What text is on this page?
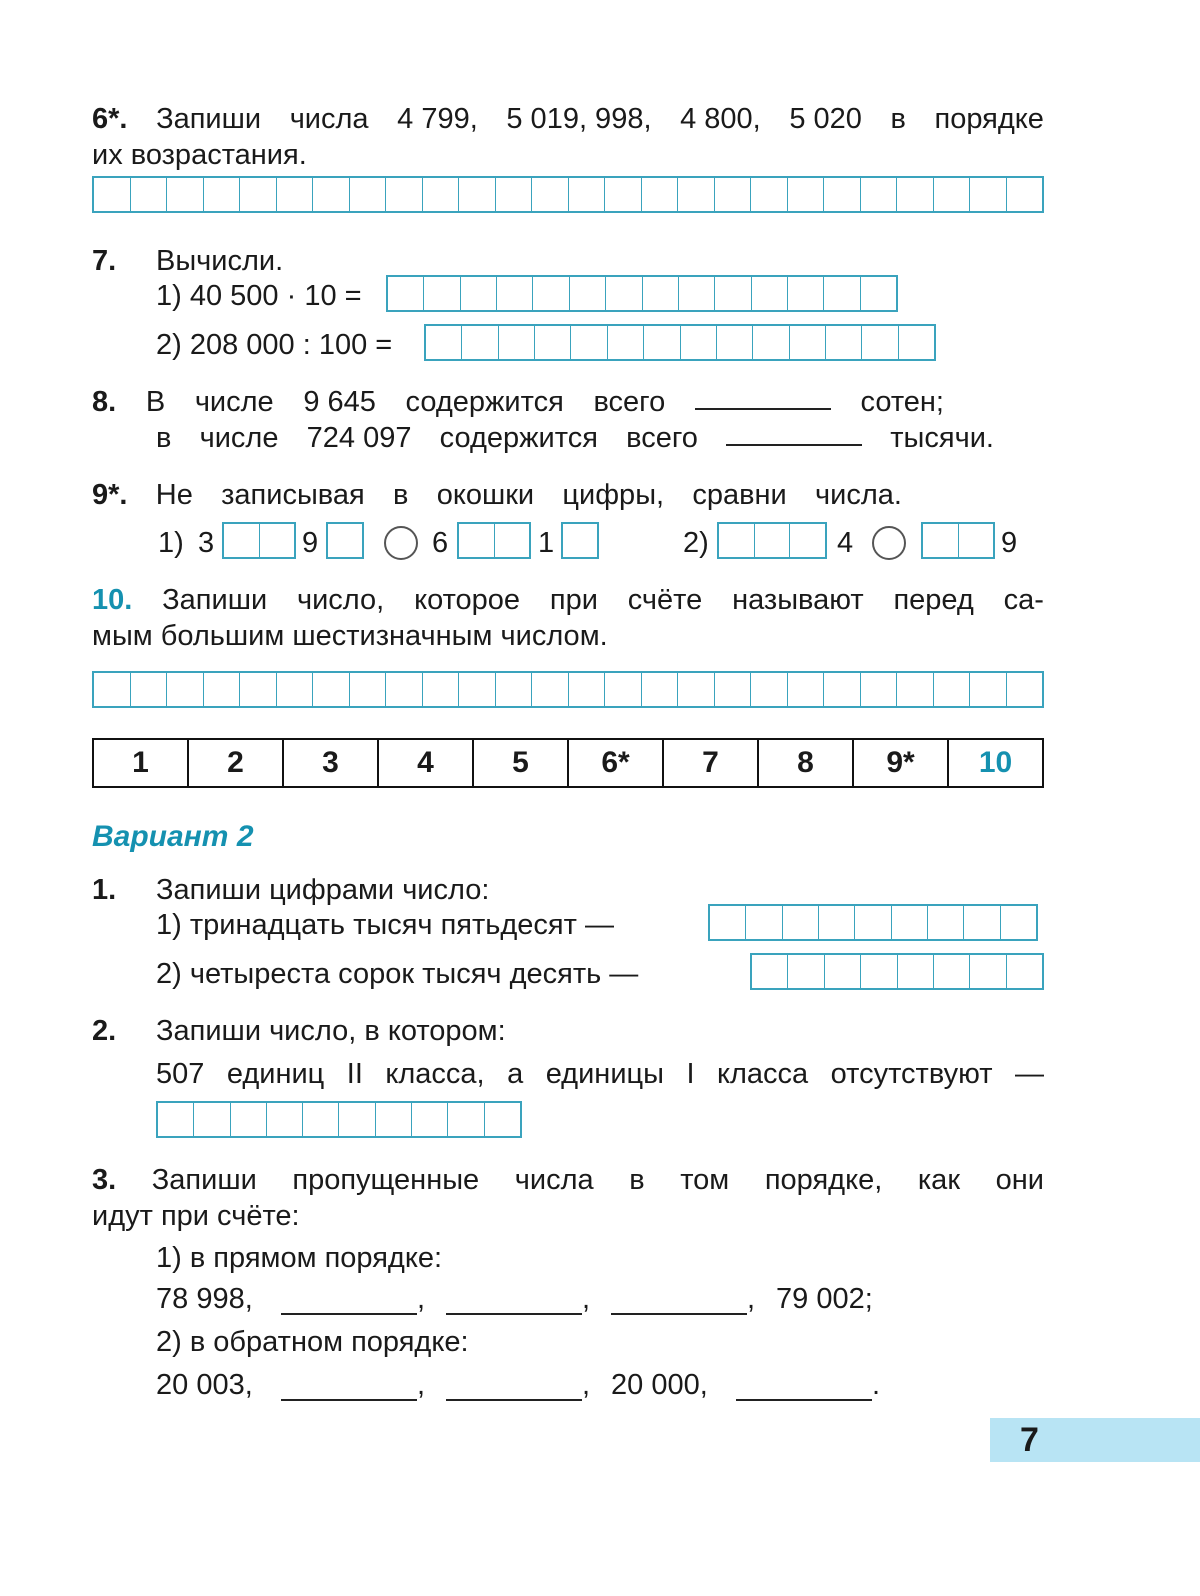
6*. Запиши числа 4 799, 5 019, 998, 4 800, 5 020 в порядке
их возрастания.
7. Вычисли.
1) 40 500 · 10 =
2) 208 000 : 100 =
8. В числе 9 645 содержится всего	сотен;
в числе 724 097 содержится всего	тысячи.
9*. Не записывая в окошки цифры, сравни числа.
1) 3	9	6	1	2)	4	9
10. Запиши число, которое при счёте называют перед са-
мым большим шестизначным числом.
1	2	3	4	5	6*	7	8	9*	10
Вариант 2
1. Запиши цифрами число:
1) тринадцать тысяч пятьдесят —
2) четыреста сорок тысяч десять —
2. Запиши число, в котором:
507 единиц II класса, а единицы I класса отсутствуют —
3. Запиши пропущенные числа в том порядке, как они
идут при счёте:
1) в прямом порядке:
78 998,	,	,	, 79 002;
2) в обратном порядке:
20 003,	,	, 20 000,	.
7
